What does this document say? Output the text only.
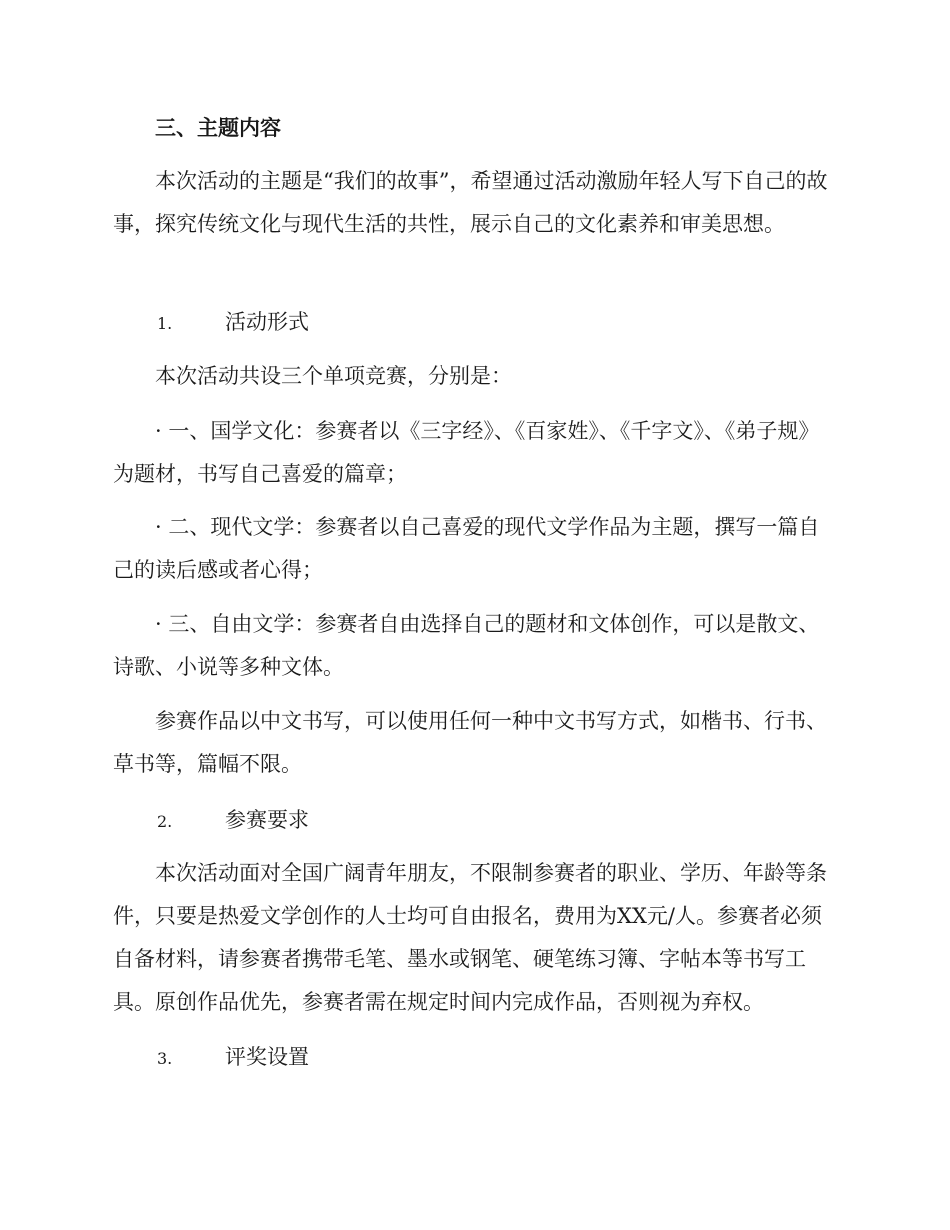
三、主题内容

本次活动的主题是“我们的故事”，希望通过活动激励年轻人写下自己的故事，探究传统文化与现代生活的共性，展示自己的文化素养和审美思想。

1.	活动形式

本次活动共设三个单项竞赛，分别是：

· 一、国学文化：参赛者以《三字经》、《百家姓》、《千字文》、《弟子规》为题材，书写自己喜爱的篇章；

· 二、现代文学：参赛者以自己喜爱的现代文学作品为主题，撰写一篇自己的读后感或者心得；

· 三、自由文学：参赛者自由选择自己的题材和文体创作，可以是散文、诗歌、小说等多种文体。

参赛作品以中文书写，可以使用任何一种中文书写方式，如楷书、行书、草书等，篇幅不限。

2.	参赛要求

本次活动面对全国广阔青年朋友，不限制参赛者的职业、学历、年龄等条件，只要是热爱文学创作的人士均可自由报名，费用为XX元/人。参赛者必须自备材料，请参赛者携带毛笔、墨水或钢笔、硬笔练习簿、字帖本等书写工具。原创作品优先，参赛者需在规定时间内完成作品，否则视为弃权。

3.	评奖设置
